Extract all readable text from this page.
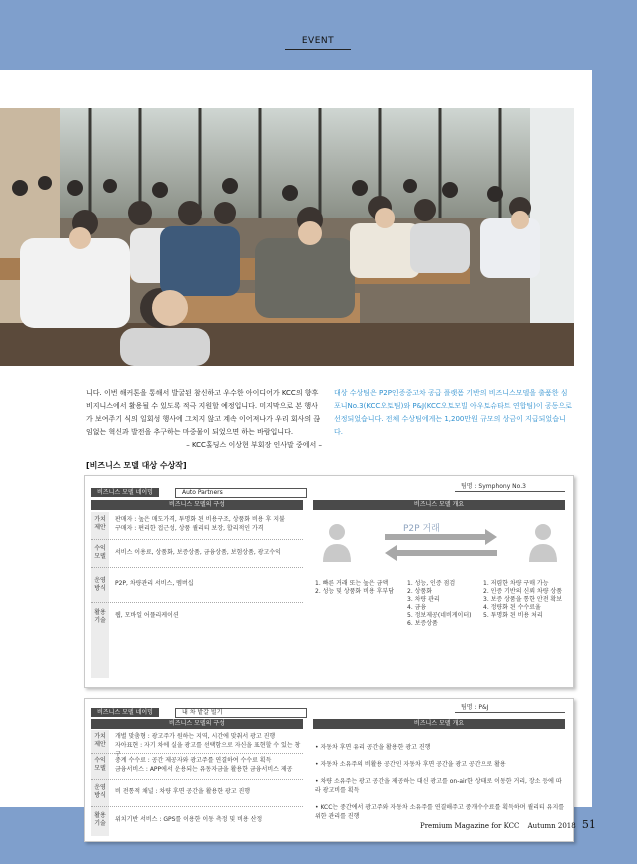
EVENT
니다. 이번 해커톤을 통해서 발굴된 참신하고 우수한 아이디어가 KCC의 향후 비지니스에서 활용될 수 있도록 적극 지원할 예정입니다. 미지막으로 본 행사가 보여주기 식의 일회성 행사에 그치지 않고 계속 이어져나가 우리 회사의 끊임없는 혁신과 발전을 추구하는 마중물이 되었으면 하는 바람입니다.
– KCC홀딩스 이상현 부회장 인사말 중에서 –
대상 수상팀은 P2P인증중고차 공급 플랫폼 기반의 비즈니스모델을 출품한 심포니No.3(KCC오토팀)와 P&J(KCC오토모빌 아우토슈타트 연합팀)이 공동으로 선정되었습니다. 전체 수상팀에게는 1,200만원 규모의 상금이 지급되었습니다.
[비즈니스 모델 대상 수상작]
팀명 : Symphony No.3
비즈니스 모델 네이밍	Auto Partners
비즈니스 모델의 구성	비즈니스 모델 개요
가치제안
판매자 : 높은 매도가격, 투명화 된 비용구조, 상품화 비용 후 지불
구매자 : 편리한 접근성, 상품 퀄리티 보장, 합리적인 가격
수익모델
서비스 이용료, 상품화, 보증상품, 금융상품, 보험상품, 광고수익
운영방식
P2P, 차량관리 서비스, 멤버십
활용기술
웹, 모바일 어플리케이션
P2P 거래
1. 빠른 거래 또는 높은 금액
2. 성능 및 상품화 비용 후부담
1. 성능, 인증 점검
2. 상품화
3. 차량 관리
4. 금융
5. 정보제공(네비게이터)
6. 보증상품
1. 저렴한 차량 구매 가능
2. 인증 기반의 신뢰 차량 상품
3. 보증 상품을 통한 안전 확보
4. 정량화 된 수수료율
5. 투명화 된 비용 처리
팀명 : P&J
비즈니스 모델 네이밍	내 차 밭갈 빌기
비즈니스 모델의 구성	비즈니스 모델 개요
가치제안
개별 맞춤형 : 광고주가 원하는 지역, 시간에 맞춰서 광고 진행
자아표현 : 자기 차에 실을 광고를 선택함으로 자신을 표현할 수 있는 창구
수익모델
중계 수수료 : 공간 제공자와 광고주를 연결하여 수수료 획득
금융서비스 : APP에서 운용되는 유동자금을 활용한 금융서비스 제공
운영방식
비 전통적 채널 : 차량 후면 공간을 활용한 광고 진행
활용기술
위치기반 서비스 : GPS를 이용한 이동 측정 및 비용 산정
• 자동차 후면 유리 공간을 활용한 광고 진행
• 자동차 소유주의 비활용 공간인 자동차 후면 공간을 광고 공간으로 활용
• 차량 소유주는 광고 공간을 제공하는 대신 광고를 on-air한 상태로 이동한 거리, 장소 등에 따라 광고비를 획득
• KCC는 중간에서 광고주와 자동차 소유주를 연결해주고 중개수수료를 획득하며 퀄리티 유지를 위한 관리를 진행
Premium Magazine for KCC Autumn 2018 51
